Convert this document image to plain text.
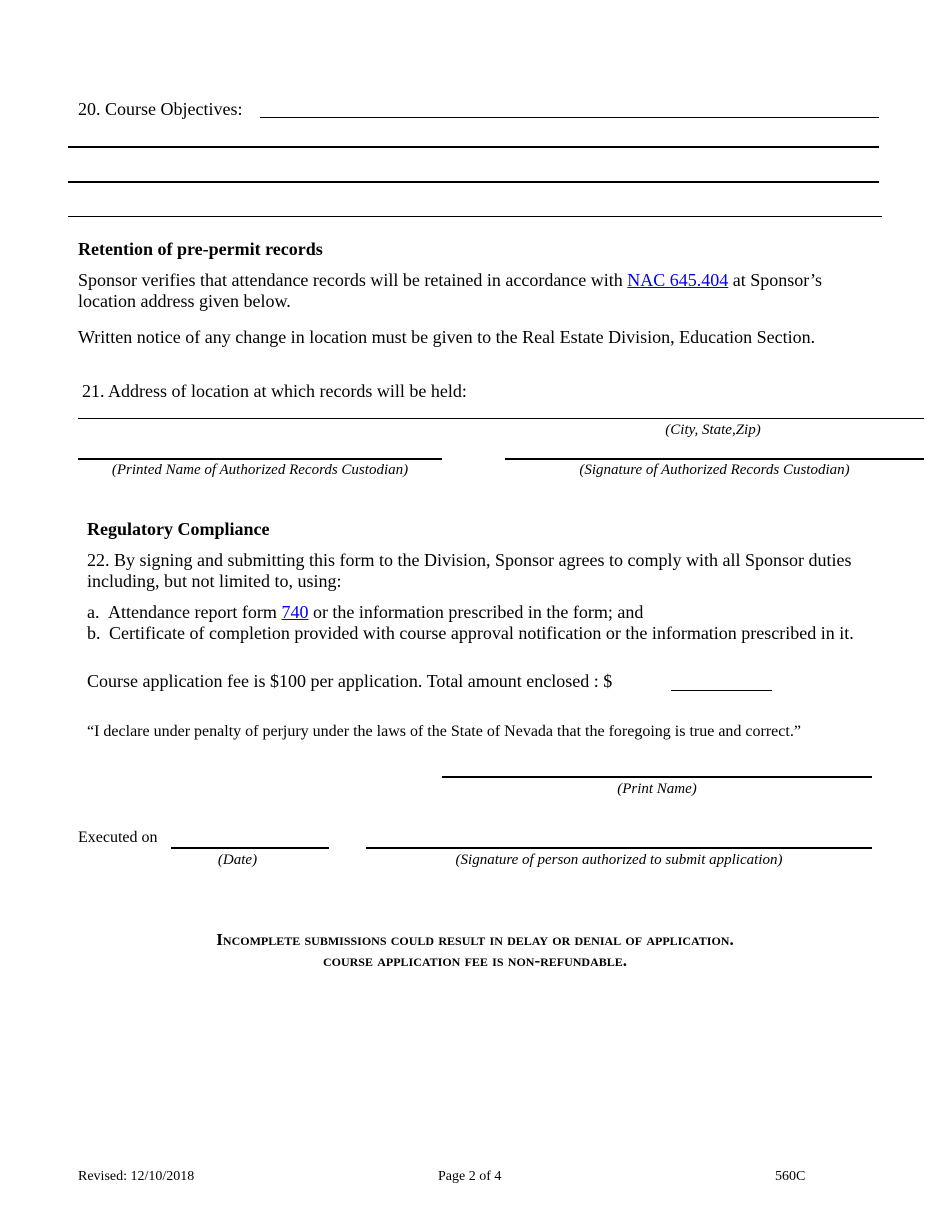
20. Course Objectives:
Retention of pre-permit records
Sponsor verifies that attendance records will be retained in accordance with NAC 645.404 at Sponsor’s location address given below.
Written notice of any change in location must be given to the Real Estate Division, Education Section.
21. Address of location at which records will be held:
(City, State,Zip)
(Printed Name of Authorized Records Custodian)	(Signature of Authorized Records Custodian)
Regulatory Compliance
22. By signing and submitting this form to the Division, Sponsor agrees to comply with all Sponsor duties including, but not limited to, using:
a. Attendance report form 740 or the information prescribed in the form; and
b. Certificate of completion provided with course approval notification or the information prescribed in it.
Course application fee is $100 per application. Total amount enclosed : $
“I declare under penalty of perjury under the laws of the State of Nevada that the foregoing is true and correct.”
(Print Name)
Executed on
(Date)	(Signature of person authorized to submit application)
Incomplete submissions could result in delay or denial of application.
course application fee is non-refundable.
Revised: 12/10/2018	Page 2 of 4	560C
